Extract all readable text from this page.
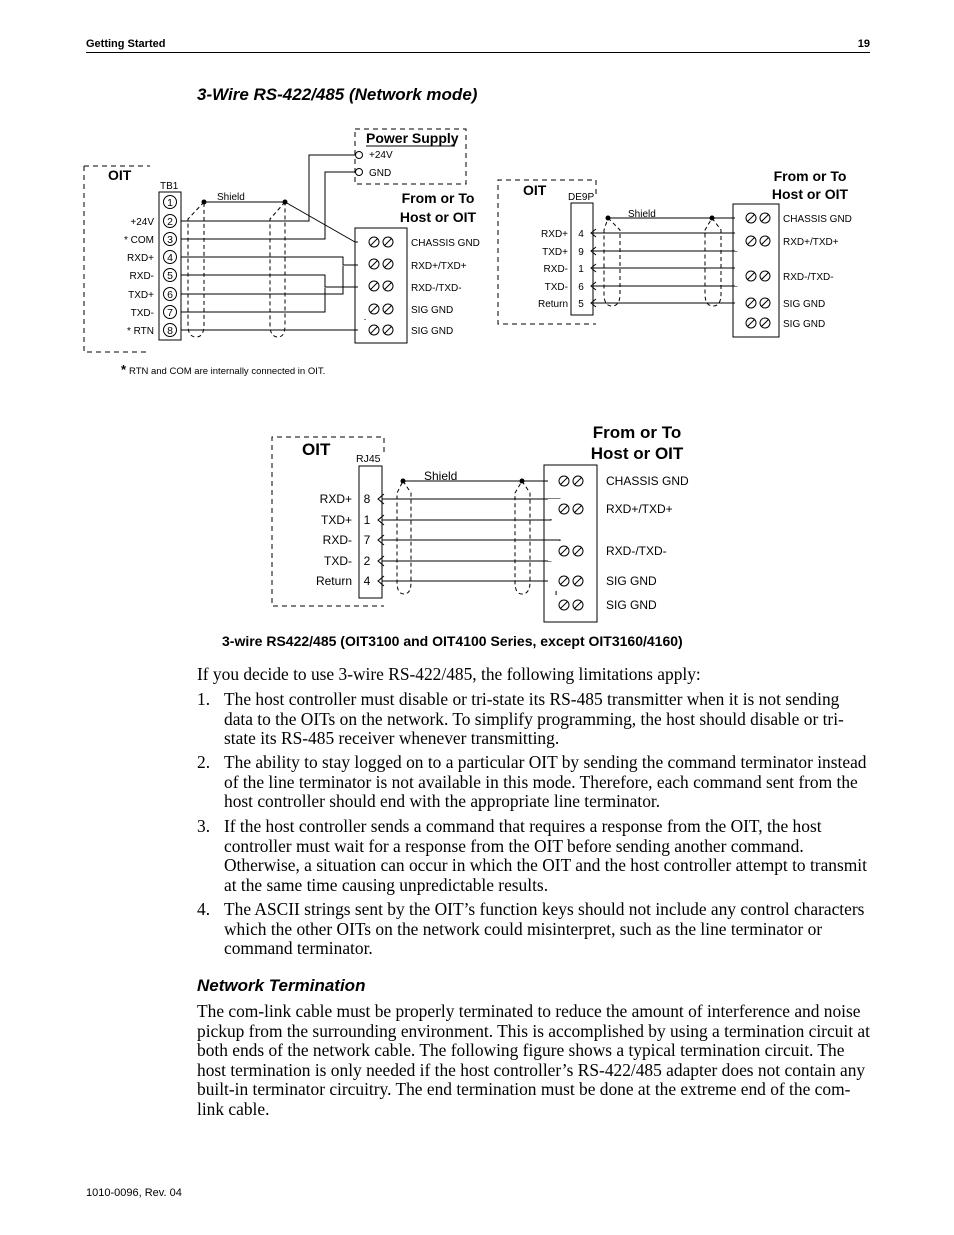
Getting Started	19
3-Wire RS-422/485 (Network mode)
Power Supply
+24V
GND
OIT
TB1
1
2
+24V
3
* COM
4
RXD+
5
RXD-
6
TXD+
7
TXD-
8
* RTN
Shield
CHASSIS GND
RXD+/TXD+
RXD-/TXD-
SIG GND
SIG GND
From or To
Host or OIT
* RTN and COM are internally connected in OIT.
OIT DE9P
RXD+ 4
TXD+ 9
RXD- 1
TXD- 6
Return 5
Shield	CHASSIS GND
RXD+/TXD+
RXD-/TXD-
SIG GND
SIG GND
From or To
Host or OIT
OIT RJ45
RXD+ 8
TXD+ 1
RXD- 7
TXD- 2
Return 4
Shield	CHASSIS GND
RXD+/TXD+
RXD-/TXD-
SIG GND
SIG GND
From or To
Host or OIT
3-wire RS422/485 (OIT3100 and OIT4100 Series, except OIT3160/4160)
If you decide to use 3-wire RS-422/485, the following limitations apply:
1. The host controller must disable or tri-state its RS-485 transmitter when it is not sending data to the OITs on the network. To simplify programming, the host should disable or tri-state its RS-485 receiver whenever transmitting.
2. The ability to stay logged on to a particular OIT by sending the command terminator instead of the line terminator is not available in this mode. Therefore, each command sent from the host controller should end with the appropriate line terminator.
3. If the host controller sends a command that requires a response from the OIT, the host controller must wait for a response from the OIT before sending another command. Otherwise, a situation can occur in which the OIT and the host controller attempt to transmit at the same time causing unpredictable results.
4. The ASCII strings sent by the OIT’s function keys should not include any control characters which the other OITs on the network could misinterpret, such as the line terminator or command terminator.
Network Termination
The com-link cable must be properly terminated to reduce the amount of interference and noise pickup from the surrounding environment. This is accomplished by using a termination circuit at both ends of the network cable. The following figure shows a typical termination circuit. The host termination is only needed if the host controller’s RS-422/485 adapter does not contain any built-in terminator circuitry. The end termination must be done at the extreme end of the com-link cable.
1010-0096, Rev. 04
